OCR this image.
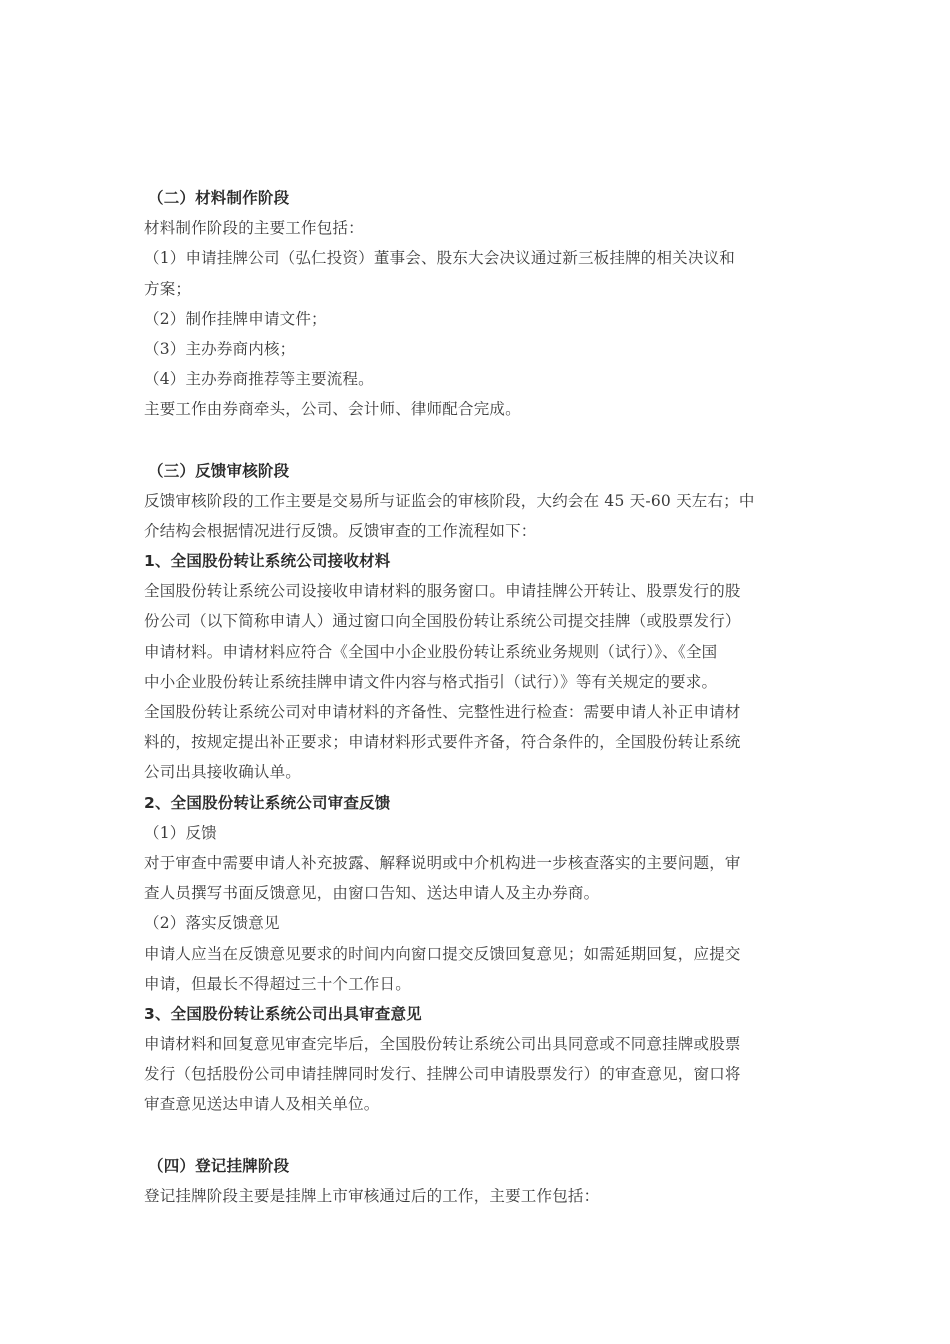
（二）材料制作阶段
材料制作阶段的主要工作包括：
（1）申请挂牌公司（弘仁投资）董事会、股东大会决议通过新三板挂牌的相关决议和
方案；
（2）制作挂牌申请文件；
（3）主办券商内核；
（4）主办券商推荐等主要流程。
主要工作由券商牵头，公司、会计师、律师配合完成。
（三）反馈审核阶段
反馈审核阶段的工作主要是交易所与证监会的审核阶段，大约会在 45 天-60 天左右；中
介结构会根据情况进行反馈。反馈审查的工作流程如下：
1、全国股份转让系统公司接收材料
全国股份转让系统公司设接收申请材料的服务窗口。申请挂牌公开转让、股票发行的股
份公司（以下简称申请人）通过窗口向全国股份转让系统公司提交挂牌（或股票发行）
申请材料。申请材料应符合《全国中小企业股份转让系统业务规则（试行）》、《全国
中小企业股份转让系统挂牌申请文件内容与格式指引（试行）》等有关规定的要求。
全国股份转让系统公司对申请材料的齐备性、完整性进行检查：需要申请人补正申请材
料的，按规定提出补正要求；申请材料形式要件齐备，符合条件的，全国股份转让系统
公司出具接收确认单。
2、全国股份转让系统公司审查反馈
（1）反馈
对于审查中需要申请人补充披露、解释说明或中介机构进一步核查落实的主要问题，审
查人员撰写书面反馈意见，由窗口告知、送达申请人及主办券商。
（2）落实反馈意见
申请人应当在反馈意见要求的时间内向窗口提交反馈回复意见；如需延期回复，应提交
申请，但最长不得超过三十个工作日。
3、全国股份转让系统公司出具审查意见
申请材料和回复意见审查完毕后，全国股份转让系统公司出具同意或不同意挂牌或股票
发行（包括股份公司申请挂牌同时发行、挂牌公司申请股票发行）的审查意见，窗口将
审查意见送达申请人及相关单位。
（四）登记挂牌阶段
登记挂牌阶段主要是挂牌上市审核通过后的工作，主要工作包括：
